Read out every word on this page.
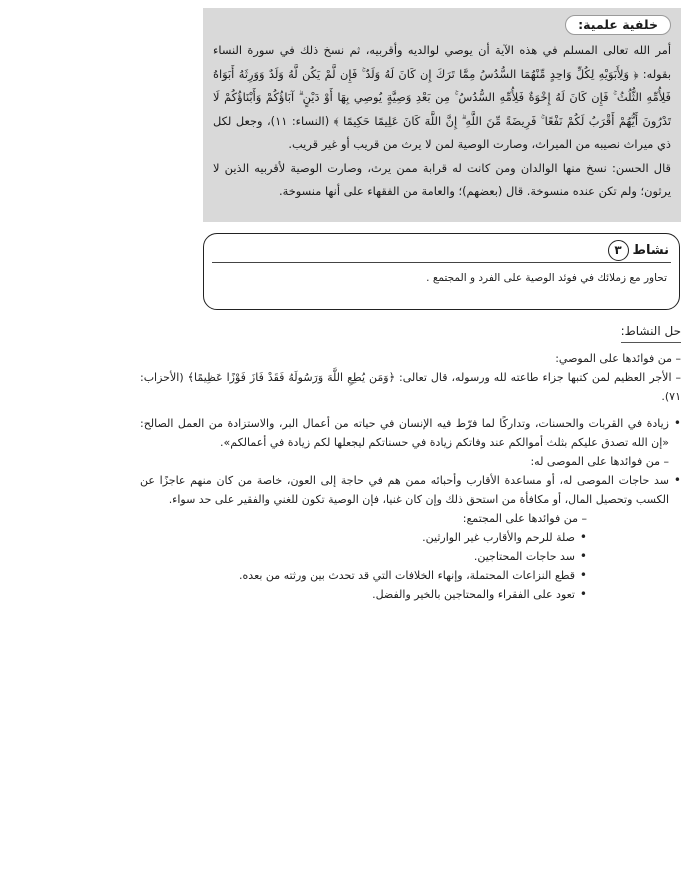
خلفية علمية:

أمر الله تعالى المسلم في هذه الآية أن يوصي لوالديه وأقربيه، ثم نسخ ذلك في سورة النساء بقوله: ﴿ وَلِأَبَوَيْهِ لِكُلِّ وَاحِدٍ مِّنْهُمَا السُّدُسُ مِمَّا تَرَكَ إِن كَانَ لَهُ وَلَدٌ ۚ فَإِن لَّمْ يَكُن لَّهُ وَلَدٌ وَوَرِثَهُ أَبَوَاهُ فَلِأُمِّهِ الثُّلُثُ ۚ فَإِن كَانَ لَهُ إِخْوَةٌ فَلِأُمِّهِ السُّدُسُ ۚ مِن بَعْدِ وَصِيَّةٍ يُوصِي بِهَا أَوْ دَيْنٍ ۗ آبَاؤُكُمْ وَأَبْنَاؤُكُمْ لَا تَدْرُونَ أَيُّهُمْ أَقْرَبُ لَكُمْ نَفْعًا ۚ فَرِيضَةً مِّنَ اللَّهِ ۗ إِنَّ اللَّهَ كَانَ عَلِيمًا حَكِيمًا ﴾ (النساء: ١١)، وجعل لكل ذي ميراث نصيبه من الميراث، وصارت الوصية لمن لا يرث من قريب أو غير قريب.

قال الحسن: نسخ منها الوالدان ومن كانت له قرابة ممن يرث، وصارت الوصية لأقربيه الذين لا يرثون؛ ولم تكن عنده منسوخة. قال (بعضهم)؛ والعامة من الفقهاء على أنها منسوخة.

نشاط
٣
تحاور مع زملائك في فوئد الوصية على الفرد و المجتمع .
حل النشاط:

– من فوائدها على الموصي:

– الأجر العظيم لمن كتبها جزاء طاعته لله ورسوله، قال تعالى: ﴿وَمَن يُطِعِ اللَّهَ وَرَسُولَهُ فَقَدْ فَازَ فَوْزًا عَظِيمًا﴾ (الأحزاب: ٧١).

• زيادة في القربات والحسنات، وتداركًا لما فرّط فيه الإنسان في حياته من أعمال البر، والاستزادة من العمل الصالح: «إن الله تصدق عليكم بثلث أموالكم عند وفاتكم زيادة في حسناتكم ليجعلها لكم زيادة في أعمالكم».

– من فوائدها على الموصى له:

• سد حاجات الموصى له، أو مساعدة الأقارب وأحبائه ممن هم في حاجة إلى العون، خاصة من كان منهم عاجزًا عن الكسب وتحصيل المال، أو مكافأة من استحق ذلك وإن كان غنيا، فإن الوصية تكون للغني والفقير على حد سواء.

– من فوائدها على المجتمع:

• صلة للرحم والأقارب غير الوارثين.

• سد حاجات المحتاجين.

• قطع النزاعات المحتملة، وإنهاء الخلافات التي قد تحدث بين ورثته من بعده.

• تعود على الفقراء والمحتاجين بالخير والفضل.
